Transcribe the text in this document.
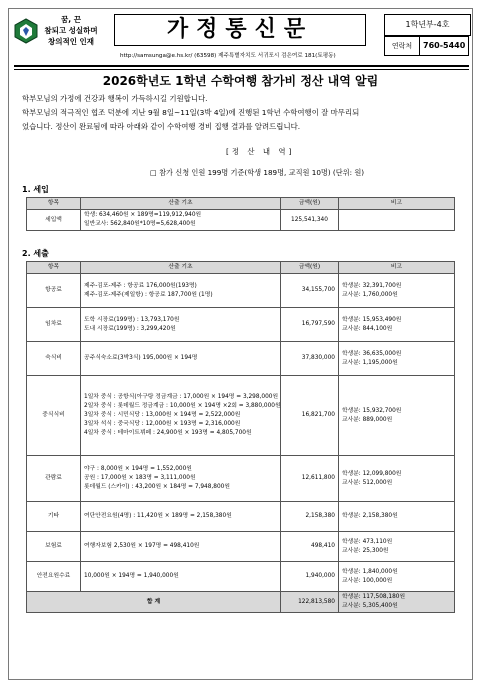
꿈, 끈
참되고 성실하며
창의적인 인재	가정통신문
http://samsunga@e.hs.kr/ (63598) 제주특별자치도 서귀포시 검은여로 181(토평동)
1학년부-4호
연락처 760-5440
2026학년도 1학년 수학여행 참가비 정산 내역 알림
학부모님의 가정에 건강과 행복이 가득하시길 기원합니다.
학부모님의 적극적인 협조 덕분에 지난 9월 8일~11일(3박 4일)에 진행된 1학년 수학여행이 잘 마무리되
었습니다. 정산이 완료됨에 따라 아래와 같이 수학여행 경비 집행 결과를 알려드립니다.
[정 산 내 역]
□ 참가 신청 인원 199명 기준(학생 189명, 교직원 10명) (단위: 원)
1. 세입
항목	산출 기초	금액(원)	비고
세입액	학생: 634,460원 × 189명=119,912,940원
일반교사: 562,840원*10명=5,628,400원	125,541,340	
2. 세출
항목	산출 기초	금액(원)	비고
항공료	제주-김포-제주 : 항공료 176,000원(193명)
제주-김포-제주(제일항) : 항공료 187,700원 (1명)	34,155,700	학생분: 32,391,700원
교사분: 1,760,000원

임차료	도학 시장료(199명) : 13,793,170원
도내 시장료(199명) : 3,299,420원	16,797,590	학생분: 15,953,490원
교사분: 844,100원

숙식비	공주식숙소료(3박3식) 195,000원 × 194명	37,830,000	학생분: 36,635,000원
교사분: 1,195,000원

중식식비	1일차 중식 : 공항식(아구탕 정금계금 : 17,000원 × 194명 = 3,298,000원
2일차 중식 : 롯데월드 정금계금 : 10,000원 × 194명 ×2회 = 3,880,000원
3일차 중식 : 시민식당 : 13,000원 × 194명 = 2,522,000원
3일차 석식 : 중국식당 : 12,000원 × 193명 = 2,316,000원
4일차 중식 : 테마이트뷔페 : 24,900원 × 193명 = 4,805,700원	16,821,700	학생분: 15,932,700원
교사분: 889,000원

관람료	야구 : 8,000원 × 194명 = 1,552,000원
공원 : 17,000원 × 183명 = 3,111,000원
롯데월드 (스카이) : 43,200원 × 184명 = 7,948,800원	12,611,800	학생분: 12,099,800원
교사분: 512,000원

기타	여단안전요원(4명) : 11,420원 × 189명 = 2,158,380원	2,158,380	학생분: 2,158,380원

보험료	여행자보험 2,530원 × 197명 = 498,410원	498,410	학생분: 473,110원
교사분: 25,300원

안전요원수료	10,000원 × 194명 = 1,940,000원	1,940,000	학생분: 1,840,000원
교사분: 100,000원

합 계		122,813,580	학생분: 117,508,180원
교사분: 5,305,400원
